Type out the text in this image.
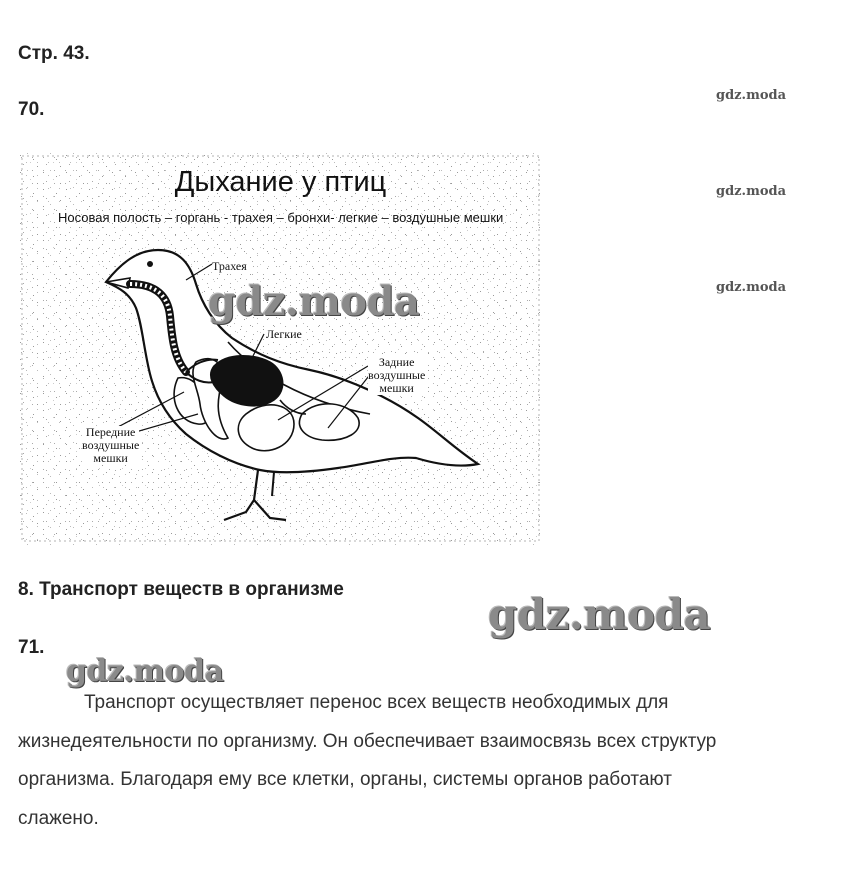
Стр. 43.
70.
gdz.moda
gdz.moda
gdz.moda
Дыхание у птиц
Носовая полость – горгань - трахея – бронхи- легкие – воздушные мешки
Трахея
Легкие
Задние
воздушные
мешки
Передние
воздушные
мешки
gdz.moda
8. Транспорт веществ в организме
gdz.moda
71.
gdz.moda
Транспорт осуществляет перенос всех веществ необходимых для
жизнедеятельности по организму. Он обеспечивает взаимосвязь всех структур
организма. Благодаря ему все клетки, органы, системы органов работают
слажено.
